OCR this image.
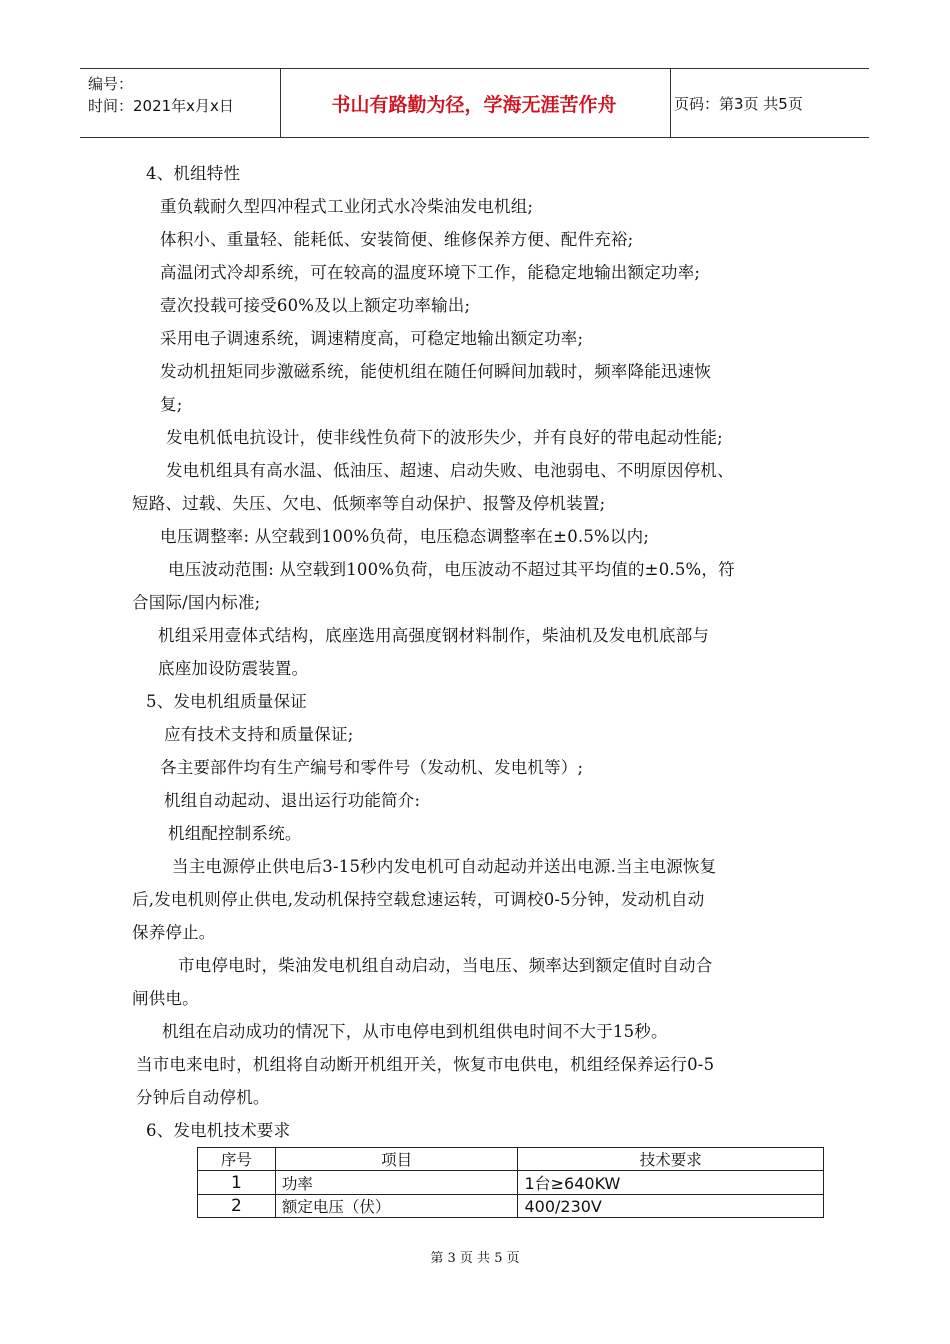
编号：
时间：2021年x月x日	书山有路勤为径，学海无涯苦作舟	页码：第3页 共5页
4、机组特性
重负载耐久型四冲程式工业闭式水冷柴油发电机组;
体积小、重量轻、能耗低、安装简便、维修保养方便、配件充裕;
高温闭式冷却系统，可在较高的温度环境下工作，能稳定地输出额定功率;
壹次投载可接受60%及以上额定功率输出;
采用电子调速系统，调速精度高，可稳定地输出额定功率;
发动机扭矩同步激磁系统，能使机组在随任何瞬间加载时，频率降能迅速恢
复;
发电机低电抗设计，使非线性负荷下的波形失少，并有良好的带电起动性能;
发电机组具有高水温、低油压、超速、启动失败、电池弱电、不明原因停机、
短路、过载、失压、欠电、低频率等自动保护、报警及停机装置;
电压调整率: 从空载到100%负荷，电压稳态调整率在±0.5%以内;
电压波动范围: 从空载到100%负荷，电压波动不超过其平均值的±0.5%，符
合国际/国内标准;
机组采用壹体式结构，底座选用高强度钢材料制作，柴油机及发电机底部与
底座加设防震装置。
5、发电机组质量保证
应有技术支持和质量保证;
各主要部件均有生产编号和零件号（发动机、发电机等）;
机组自动起动、退出运行功能简介:
机组配控制系统。
当主电源停止供电后3-15秒内发电机可自动起动并送出电源.当主电源恢复
后,发电机则停止供电,发动机保持空载怠速运转，可调校0-5分钟，发动机自动
保养停止。
市电停电时，柴油发电机组自动启动，当电压、频率达到额定值时自动合
闸供电。
机组在启动成功的情况下，从市电停电到机组供电时间不大于15秒。
当市电来电时，机组将自动断开机组开关，恢复市电供电，机组经保养运行0-5
分钟后自动停机。
6、发电机技术要求
序号	项目	技术要求
1	功率	1台≥640KW
2	额定电压（伏）	400/230V
第 3 页 共 5 页
